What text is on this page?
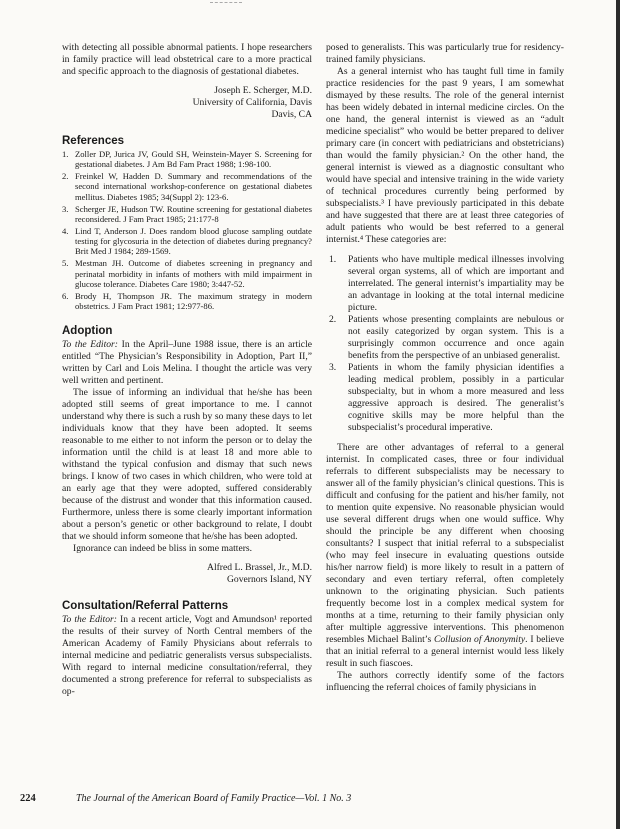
with detecting all possible abnormal patients. I hope researchers in family practice will lead obstetrical care to a more practical and specific approach to the diagnosis of gestational diabetes.

Joseph E. Scherger, M.D.
University of California, Davis
Davis, CA
References
1. Zoller DP, Jurica JV, Gould SH, Weinstein-Mayer S. Screening for gestational diabetes. J Am Bd Fam Pract 1988; 1:98-100.
2. Freinkel W, Hadden D. Summary and recommendations of the second international workshop-conference on gestational diabetes mellitus. Diabetes 1985; 34(Suppl 2): 123-6.
3. Scherger JE, Hudson TW. Routine screening for gestational diabetes reconsidered. J Fam Pract 1985; 21:177-8
4. Lind T, Anderson J. Does random blood glucose sampling outdate testing for glycosuria in the detection of diabetes during pregnancy? Brit Med J 1984; 289-1569.
5. Mestman JH. Outcome of diabetes screening in pregnancy and perinatal morbidity in infants of mothers with mild impairment in glucose tolerance. Diabetes Care 1980; 3:447-52.
6. Brody H, Thompson JR. The maximum strategy in modern obstetrics. J Fam Pract 1981; 12:977-86.
Adoption

To the Editor: In the April–June 1988 issue, there is an article entitled “The Physician’s Responsibility in Adoption, Part II,” written by Carl and Lois Melina. I thought the article was very well written and pertinent.

The issue of informing an individual that he/she has been adopted still seems of great importance to me. I cannot understand why there is such a rush by so many these days to let individuals know that they have been adopted. It seems reasonable to me either to not inform the person or to delay the information until the child is at least 18 and more able to withstand the typical confusion and dismay that such news brings. I know of two cases in which children, who were told at an early age that they were adopted, suffered considerably because of the distrust and wonder that this information caused. Furthermore, unless there is some clearly important information about a person’s genetic or other background to relate, I doubt that we should inform someone that he/she has been adopted.

Ignorance can indeed be bliss in some matters.

Alfred L. Brassel, Jr., M.D.
Governors Island, NY
Consultation/Referral Patterns

To the Editor: In a recent article, Vogt and Amundson¹ reported the results of their survey of North Central members of the American Academy of Family Physicians about referrals to internal medicine and pediatric generalists versus subspecialists. With regard to internal medicine consultation/referral, they documented a strong preference for referral to subspecialists as op-

posed to generalists. This was particularly true for residency-trained family physicians.

As a general internist who has taught full time in family practice residencies for the past 9 years, I am somewhat dismayed by these results. The role of the general internist has been widely debated in internal medicine circles. On the one hand, the general internist is viewed as an “adult medicine specialist” who would be better prepared to deliver primary care (in concert with pediatricians and obstetricians) than would the family physician.² On the other hand, the general internist is viewed as a diagnostic consultant who would have special and intensive training in the wide variety of technical procedures currently being performed by subspecialists.³ I have previously participated in this debate and have suggested that there are at least three categories of adult patients who would be best referred to a general internist.⁴ These categories are:

1. Patients who have multiple medical illnesses involving several organ systems, all of which are important and interrelated. The general internist’s impartiality may be an advantage in looking at the total internal medicine picture.
2. Patients whose presenting complaints are nebulous or not easily categorized by organ system. This is a surprisingly common occurrence and once again benefits from the perspective of an unbiased generalist.
3. Patients in whom the family physician identifies a leading medical problem, possibly in a particular subspecialty, but in whom a more measured and less aggressive approach is desired. The generalist’s cognitive skills may be more helpful than the subspecialist’s procedural imperative.

There are other advantages of referral to a general internist. In complicated cases, three or four individual referrals to different subspecialists may be necessary to answer all of the family physician’s clinical questions. This is difficult and confusing for the patient and his/her family, not to mention quite expensive. No reasonable physician would use several different drugs when one would suffice. Why should the principle be any different when choosing consultants? I suspect that initial referral to a subspecialist (who may feel insecure in evaluating questions outside his/her narrow field) is more likely to result in a pattern of secondary and even tertiary referral, often completely unknown to the originating physician. Such patients frequently become lost in a complex medical system for months at a time, returning to their family physician only after multiple aggressive interventions. This phenomenon resembles Michael Balint’s Collusion of Anonymity. I believe that an initial referral to a general internist would less likely result in such fiascoes.

The authors correctly identify some of the factors influencing the referral choices of family physicians in

224	The Journal of the American Board of Family Practice—Vol. 1 No. 3
